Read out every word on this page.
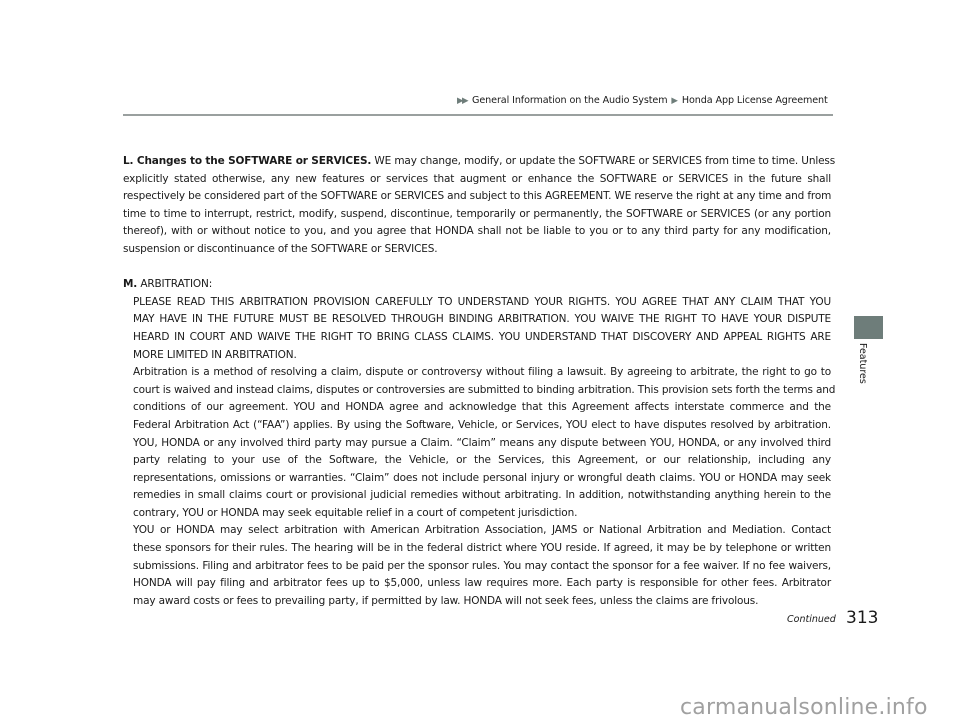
▶▶ General Information on the Audio System ▶ Honda App License Agreement
L. Changes to the SOFTWARE or SERVICES. WE may change, modify, or update the SOFTWARE or SERVICES from time to time. Unless
explicitly stated otherwise, any new features or services that augment or enhance the SOFTWARE or SERVICES in the future shall
respectively be considered part of the SOFTWARE or SERVICES and subject to this AGREEMENT. WE reserve the right at any time and from
time to time to interrupt, restrict, modify, suspend, discontinue, temporarily or permanently, the SOFTWARE or SERVICES (or any portion
thereof), with or without notice to you, and you agree that HONDA shall not be liable to you or to any third party for any modification,
suspension or discontinuance of the SOFTWARE or SERVICES.
M. ARBITRATION:
PLEASE READ THIS ARBITRATION PROVISION CAREFULLY TO UNDERSTAND YOUR RIGHTS. YOU AGREE THAT ANY CLAIM THAT YOU
MAY HAVE IN THE FUTURE MUST BE RESOLVED THROUGH BINDING ARBITRATION. YOU WAIVE THE RIGHT TO HAVE YOUR DISPUTE
HEARD IN COURT AND WAIVE THE RIGHT TO BRING CLASS CLAIMS. YOU UNDERSTAND THAT DISCOVERY AND APPEAL RIGHTS ARE
MORE LIMITED IN ARBITRATION.
Arbitration is a method of resolving a claim, dispute or controversy without filing a lawsuit. By agreeing to arbitrate, the right to go to
court is waived and instead claims, disputes or controversies are submitted to binding arbitration. This provision sets forth the terms and
conditions of our agreement. YOU and HONDA agree and acknowledge that this Agreement affects interstate commerce and the
Federal Arbitration Act (“FAA”) applies. By using the Software, Vehicle, or Services, YOU elect to have disputes resolved by arbitration.
YOU, HONDA or any involved third party may pursue a Claim. “Claim” means any dispute between YOU, HONDA, or any involved third
party relating to your use of the Software, the Vehicle, or the Services, this Agreement, or our relationship, including any
representations, omissions or warranties. “Claim” does not include personal injury or wrongful death claims. YOU or HONDA may seek
remedies in small claims court or provisional judicial remedies without arbitrating. In addition, notwithstanding anything herein to the
contrary, YOU or HONDA may seek equitable relief in a court of competent jurisdiction.
YOU or HONDA may select arbitration with American Arbitration Association, JAMS or National Arbitration and Mediation. Contact
these sponsors for their rules. The hearing will be in the federal district where YOU reside. If agreed, it may be by telephone or written
submissions. Filing and arbitrator fees to be paid per the sponsor rules. You may contact the sponsor for a fee waiver. If no fee waivers,
HONDA will pay filing and arbitrator fees up to $5,000, unless law requires more. Each party is responsible for other fees. Arbitrator
may award costs or fees to prevailing party, if permitted by law. HONDA will not seek fees, unless the claims are frivolous.
Features
Continued 313
carmanualsonline.info
